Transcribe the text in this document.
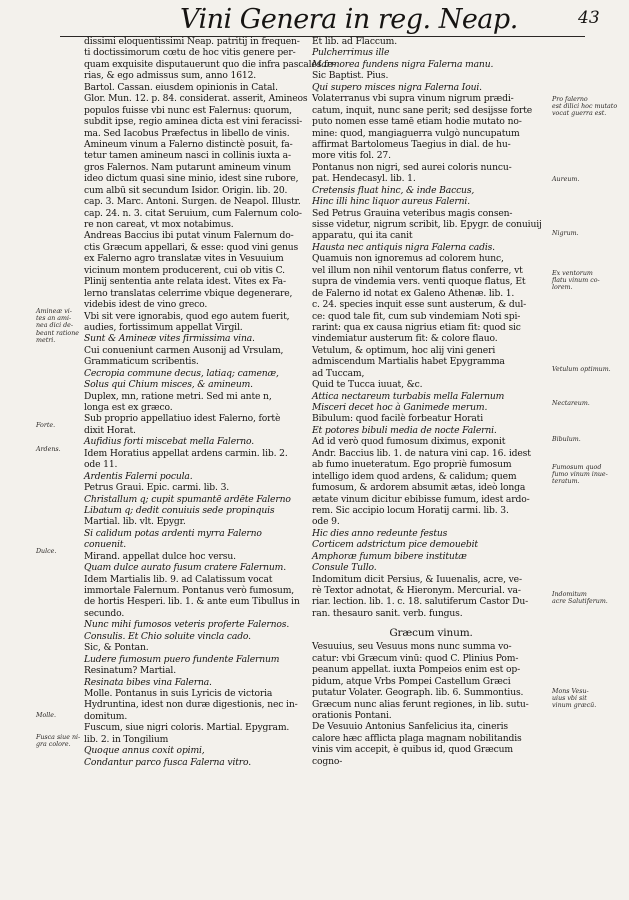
Vini Genera in reg. Neap.	43
dissimi eloquentissimi Neap. patritij in frequen-
ti doctissimorum cœtu de hoc vitis genere per-
quam exquisite disputauerunt quo die infra pascales fe-
rias, & ego admissus sum, anno 1612.
Bartol. Cassan. eiusdem opinionis in Catal.
Glor. Mun. 12. p. 84. considerat. asserit, Amineos
populos fuisse vbi nunc est Falernus: quorum,
subdit ipse, regio aminea dicta est vini feracissi-
ma. Sed Iacobus Præfectus in libello de vinis.
Amineum vinum a Falerno distinctè posuit, fa-
tetur tamen amineum nasci in collinis iuxta a-
gros Falernos. Nam putarunt amineum vinum
ideo dictum quasi sine minio, idest sine rubore,
cum albū sit secundum Isidor. Origin. lib. 20.
cap. 3. Marc. Antoni. Surgen. de Neapol. Illustr.
cap. 24. n. 3. citat Seruium, cum Falernum colo-
re non careat, vt mox notabimus.
Andreas Baccius ibi putat vinum Falernum do-
ctis Græcum appellari, & esse: quod vini genus
ex Falerno agro translatæ vites in Vesuuium
vicinum montem producerent, cui ob vitis C.
Plinij sententia ante relata idest. Vites ex Fa-
lerno translatas celerrime vbique degenerare,
videbis idest de vino greco.
Vbi sit vere ignorabis, quod ego autem fuerit,
audies, fortissimum appellat Virgil.
Sunt & Amineæ vites firmissima vina.
Cui conueniunt carmen Ausonij ad Vrsulam,
Grammaticum scribentis.
Cecropia commune decus, latiaq; camenæ,
Solus qui Chium misces, & amineum.
Duplex, mn, ratione metri. Sed mi ante n,
longa est ex græco.
Sub proprio appellatiuo idest Falerno, fortè
dixit Horat.
Aufidius forti miscebat mella Falerno.
Idem Horatius appellat ardens carmin. lib. 2.
ode 11.
Ardentis Falerni pocula.
Petrus Graui. Epic. carmi. lib. 3.
Christallum q; cupit spumantē ardēte Falerno
Libatum q; dedit conuiuis sede propinquis
Martial. lib. vlt. Epygr.
Si calidum potas ardenti myrra Falerno
conuenit.
Mirand. appellat dulce hoc versu.
Quam dulce aurato fusum cratere Falernum.
Idem Martialis lib. 9. ad Calatissum vocat
immortale Falernum. Pontanus verò fumosum,
de hortis Hesperi. lib. 1. & ante eum Tibullus in
secundo.
Nunc mihi fumosos veteris proferte Falernos.
Consulis. Et Chio soluite vincla cado.
Sic, & Pontan.
Ludere fumosum puero fundente Falernum
Resinatum? Martial.
Resinata bibes vina Falerna.
Molle. Pontanus in suis Lyricis de victoria
Hydruntina, idest non duræ digestionis, nec in-
domitum.
Fuscum, siue nigri coloris. Martial. Epygram.
lib. 2. in Tongilium
Quoque annus coxit opimi,
Condantur parco fusca Falerna vitro.
Et lib. ad Flaccum.
Pulcherrimus ille
Marmorea fundens nigra Falerna manu.
Sic Baptist. Pius.
Qui supero misces nigra Falerna Ioui.
Volaterranus vbi supra vinum nigrum prædi-
catum, inquit, nunc sane perit; sed desijsse forte
puto nomen esse tamē etiam hodie mutato no-
mine: quod, mangiaguerra vulgò nuncupatum
affirmat Bartolomeus Taegius in dial. de hu-
more vitis fol. 27.
Pontanus non nigri, sed aurei coloris nuncu-
pat. Hendecasyl. lib. 1.
Cretensis fluat hinc, & inde Baccus,
Hinc illi hinc liquor aureus Falerni.
Sed Petrus Grauina veteribus magis consen-
sisse videtur, nigrum scribit, lib. Epygr. de conuiuij
apparatu, qui ita canit
Hausta nec antiquis nigra Falerna cadis.
Quamuis non ignoremus ad colorem hunc,
vel illum non nihil ventorum flatus conferre, vt
supra de vindemia vers. venti quoque flatus, Et
de Falerno id notat ex Galeno Athenæ. lib. 1.
c. 24. species inquit esse sunt austerum, & dul-
ce: quod tale fit, cum sub vindemiam Noti spi-
rarint: qua ex causa nigrius etiam fit: quod sic
vindemiatur austerum fit: & colore flauo.
Vetulum, & optimum, hoc alij vini generi
admiscendum Martialis habet Epygramma
ad Tuccam,
Quid te Tucca iuuat, &c.
Attica nectareum turbabis mella Falernum
Misceri decet hoc à Ganimede merum.
Bibulum: quod facilè forbeatur Horati
Et potores bibuli media de nocte Falerni.
Ad id verò quod fumosum diximus, exponit
Andr. Baccius lib. 1. de natura vini cap. 16. idest
ab fumo inueteratum. Ego propriè fumosum
intelligo idem quod ardens, & calidum; quem
fumosum, & ardorem absumit ætas, ideò longa
ætate vinum dicitur ebibisse fumum, idest ardo-
rem. Sic accipio locum Horatij carmi. lib. 3.
ode 9.
Hic dies anno redeunte festus
Corticem adstrictum pice demouebit
Amphoræ fumum bibere institutæ
Consule Tullo.
Indomitum dicit Persius, & Iuuenalis, acre, ve-
rè Textor adnotat, & Hieronym. Mercurial. va-
riar. lection. lib. 1. c. 18. salutiferum Castor Du-
ran. thesauro sanit. verb. fungus.
Græcum vinum.
Vesuuius, seu Vesuus mons nunc summa vo-
catur: vbi Græcum vinū: quod C. Plinius Pom-
peanum appellat. iuxta Pompeios enim est op-
pidum, atque Vrbs Pompei Castellum Græci
putatur Volater. Geograph. lib. 6. Summontius.
Græcum nunc alias ferunt regiones, in lib. sutu-
orationis Pontani.
De Vesuuio Antonius Sanfelicius ita, cineris
calore hæc afflicta plaga magnam nobilitandis
vinis vim accepit, è quibus id, quod Græcum
cogno-
Amineæ vi-
tes an ami-
nea dici de-
beant ratione
metri.
Forte.
Ardens.
Dulce.
Molle.
Fusca siue ni-
gra colore.
Pro falerno
est dilici hoc mutato
vocat guerra est.
Aureum.
Nigrum.
Ex ventorum
flatu vinum co-
lorem.
Vetulum optimum.
Nectareum.
Bibulum.
Fumosum quod
fumo vinum inue-
teratum.
Indomitum
acre Salutiferum.
Mons Vesu-
uius vbi sit
vinum græcū.
